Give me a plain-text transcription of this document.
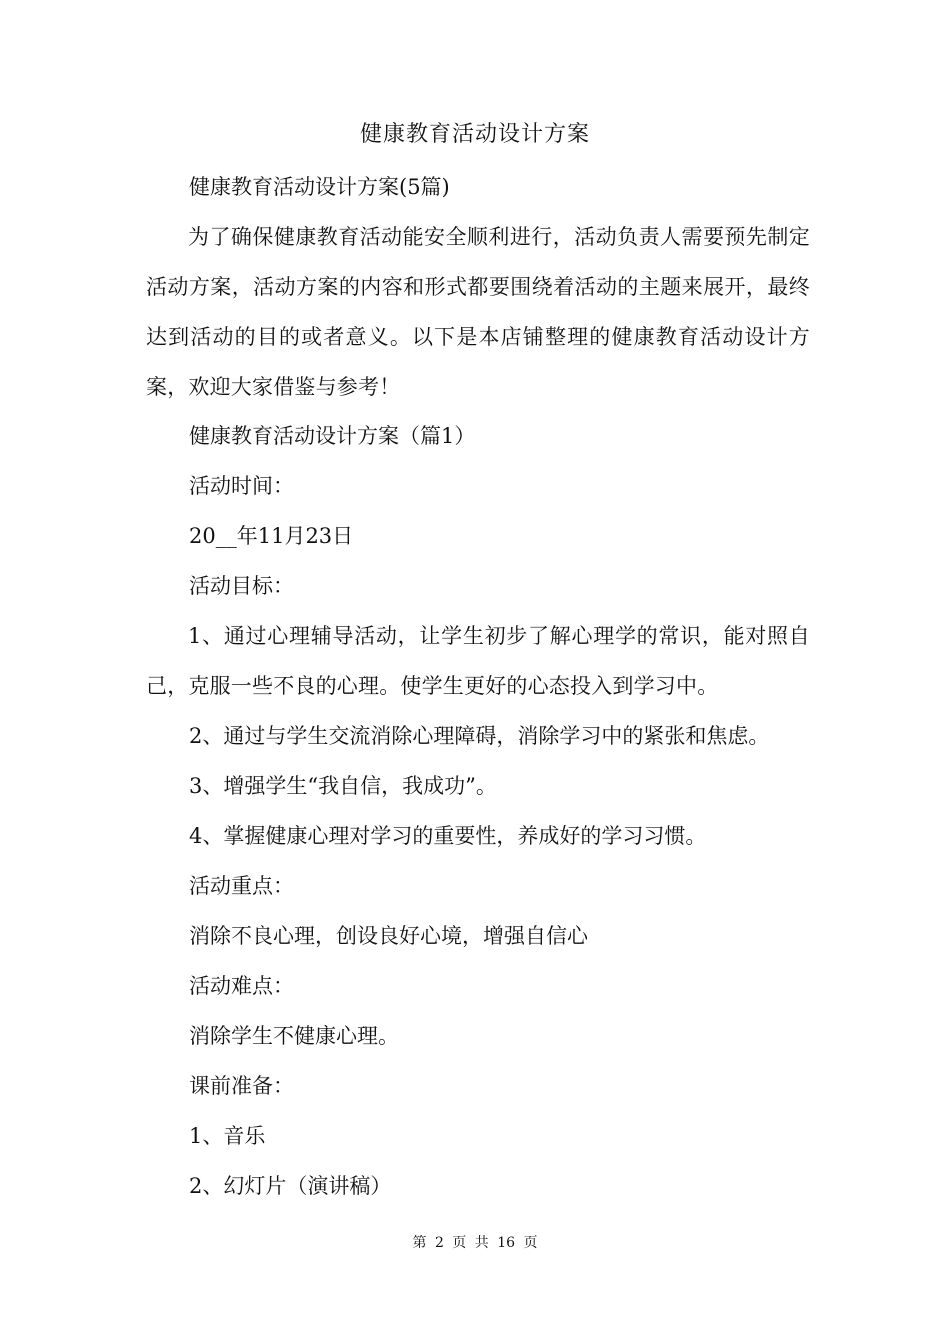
健康教育活动设计方案
健康教育活动设计方案(5篇)
为了确保健康教育活动能安全顺利进行，活动负责人需要预先制定活动方案，活动方案的内容和形式都要围绕着活动的主题来展开，最终达到活动的目的或者意义。以下是本店铺整理的健康教育活动设计方案，欢迎大家借鉴与参考！
健康教育活动设计方案（篇1）
活动时间：
20__年11月23日
活动目标：
1、通过心理辅导活动，让学生初步了解心理学的常识，能对照自己，克服一些不良的心理。使学生更好的心态投入到学习中。
2、通过与学生交流消除心理障碍，消除学习中的紧张和焦虑。
3、增强学生“我自信，我成功”。
4、掌握健康心理对学习的重要性，养成好的学习习惯。
活动重点：
消除不良心理，创设良好心境，增强自信心
活动难点：
消除学生不健康心理。
课前准备：
1、音乐
2、幻灯片（演讲稿）
第 2 页 共 16 页
